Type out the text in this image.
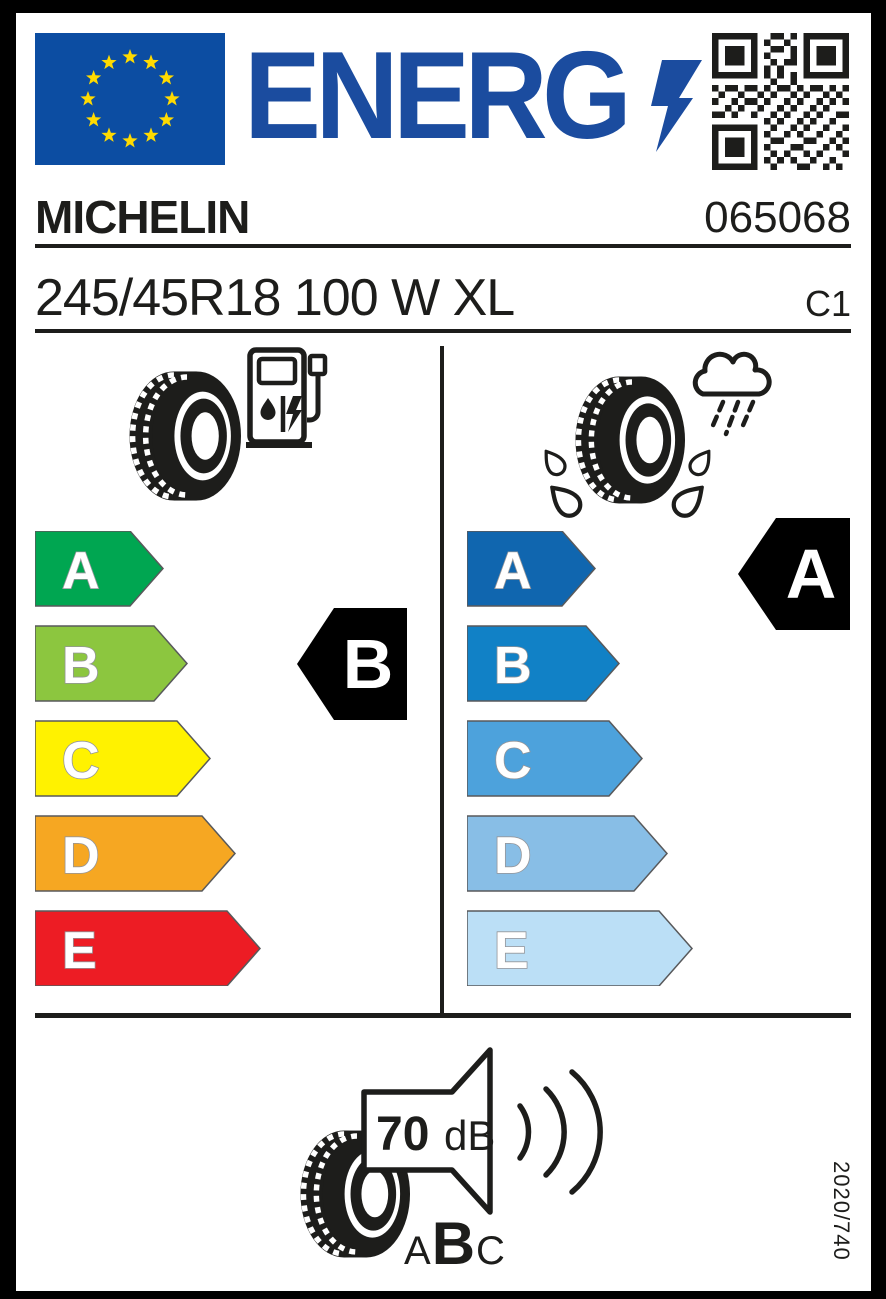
ENERG
MICHELIN	065068
245/45R18 100 W XL	C1
A
B
C
D
E
B
A
B
C
D
E
A
70 dB
A B C	2020/740
